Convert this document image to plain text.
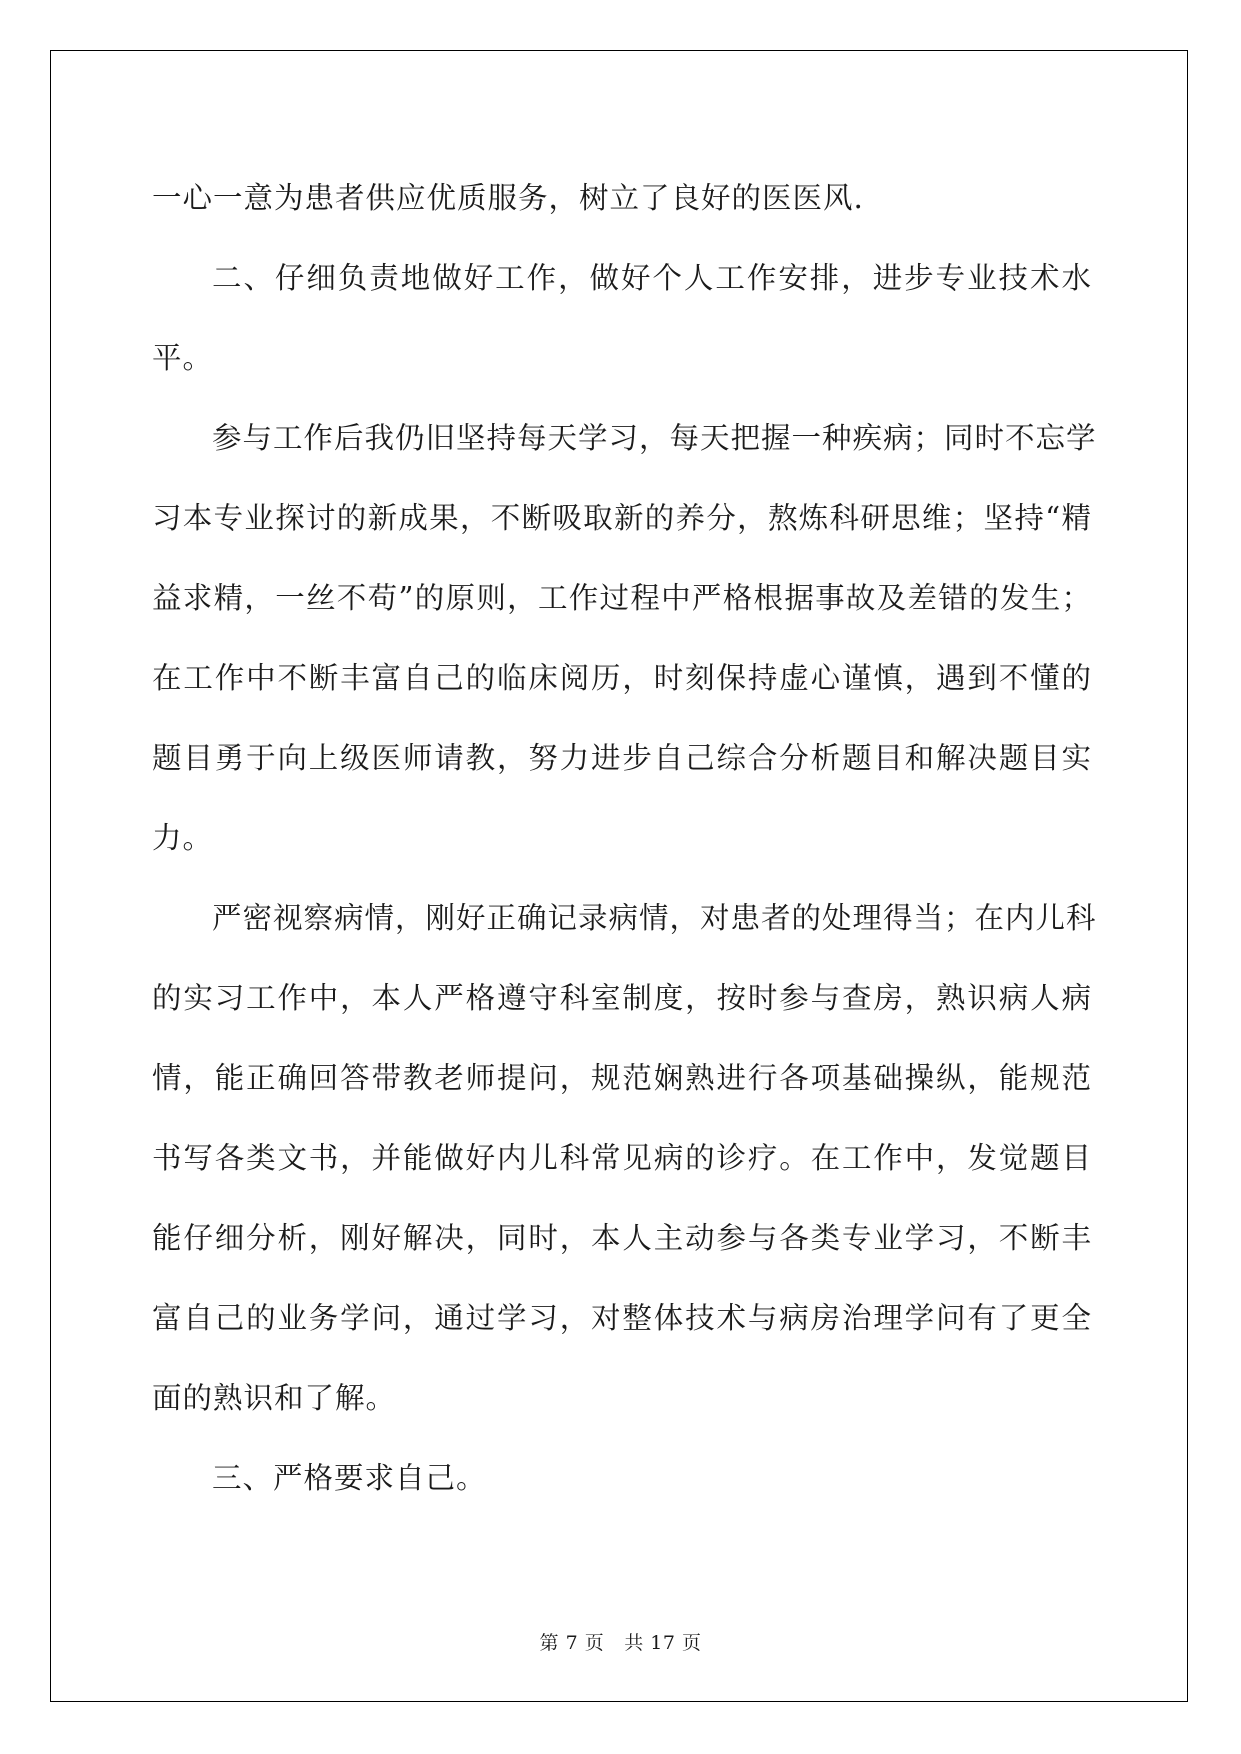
一心一意为患者供应优质服务，树立了良好的医医风.
二、仔细负责地做好工作，做好个人工作安排，进步专业技术水
平。
参与工作后我仍旧坚持每天学习，每天把握一种疾病；同时不忘学
习本专业探讨的新成果，不断吸取新的养分，熬炼科研思维；坚持“精
益求精，一丝不苟”的原则，工作过程中严格根据事故及差错的发生；
在工作中不断丰富自己的临床阅历，时刻保持虚心谨慎，遇到不懂的
题目勇于向上级医师请教，努力进步自己综合分析题目和解决题目实
力。
严密视察病情，刚好正确记录病情，对患者的处理得当；在内儿科
的实习工作中，本人严格遵守科室制度，按时参与查房，熟识病人病
情，能正确回答带教老师提问，规范娴熟进行各项基础操纵，能规范
书写各类文书，并能做好内儿科常见病的诊疗。在工作中，发觉题目
能仔细分析，刚好解决，同时，本人主动参与各类专业学习，不断丰
富自己的业务学问，通过学习，对整体技术与病房治理学问有了更全
面的熟识和了解。
三、严格要求自己。
第 7 页 共 17 页
